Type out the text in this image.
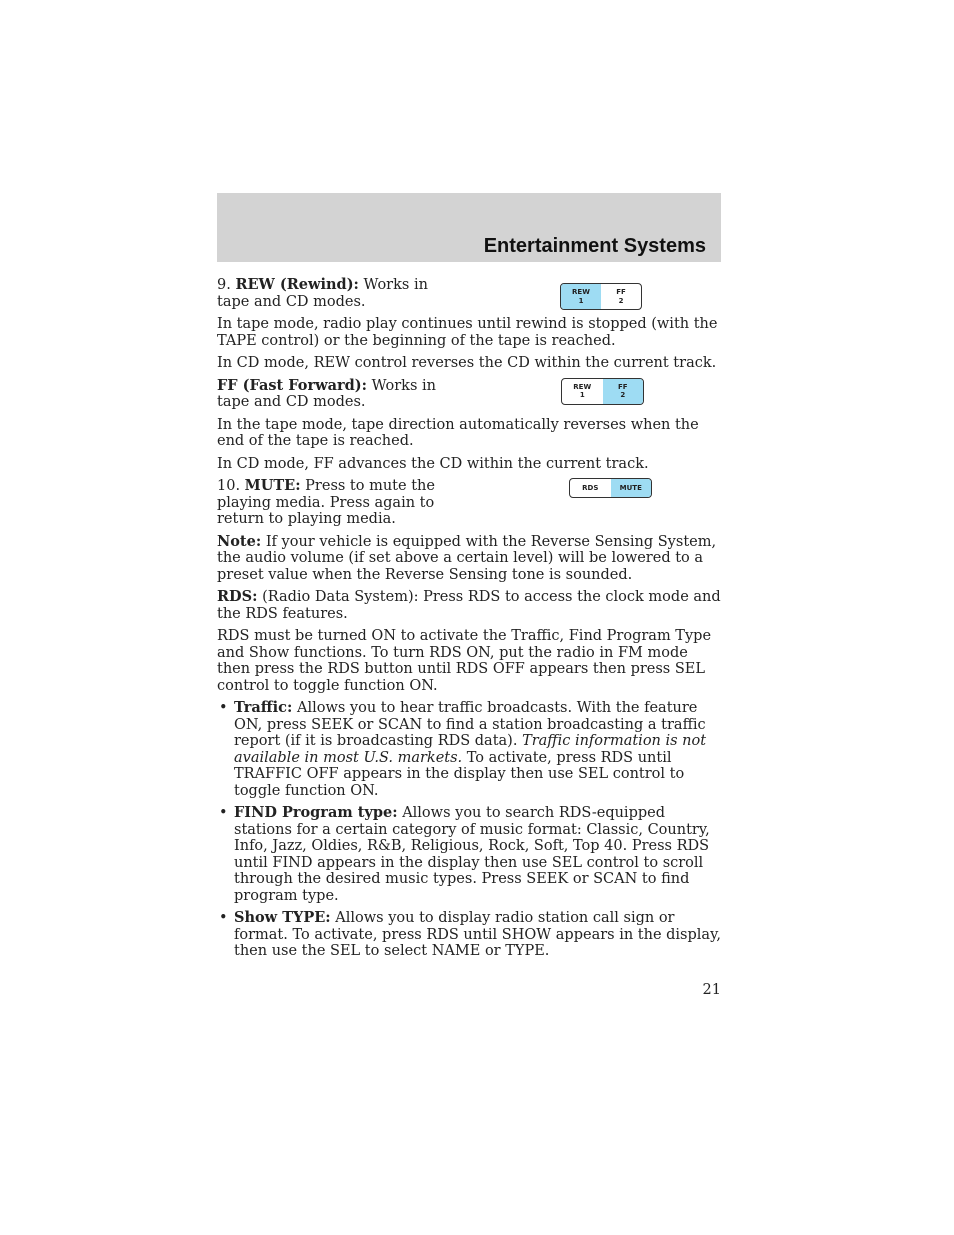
Entertainment Systems

9. REW (Rewind): Works in tape and CD modes.

REW
1
FF
2

In tape mode, radio play continues until rewind is stopped (with the TAPE control) or the beginning of the tape is reached.

In CD mode, REW control reverses the CD within the current track.

FF (Fast Forward): Works in tape and CD modes.

REW
1
FF
2

In the tape mode, tape direction automatically reverses when the end of the tape is reached.

In CD mode, FF advances the CD within the current track.

10. MUTE: Press to mute the playing media. Press again to return to playing media.

RDS	MUTE

Note: If your vehicle is equipped with the Reverse Sensing System, the audio volume (if set above a certain level) will be lowered to a preset value when the Reverse Sensing tone is sounded.

RDS: (Radio Data System): Press RDS to access the clock mode and the RDS features.

RDS must be turned ON to activate the Traffic, Find Program Type and Show functions. To turn RDS ON, put the radio in FM mode then press the RDS button until RDS OFF appears then press SEL control to toggle function ON.

• Traffic: Allows you to hear traffic broadcasts. With the feature ON, press SEEK or SCAN to find a station broadcasting a traffic report (if it is broadcasting RDS data). Traffic information is not available in most U.S. markets. To activate, press RDS until TRAFFIC OFF appears in the display then use SEL control to toggle function ON.
• FIND Program type: Allows you to search RDS-equipped stations for a certain category of music format: Classic, Country, Info, Jazz, Oldies, R&B, Religious, Rock, Soft, Top 40. Press RDS until FIND appears in the display then use SEL control to scroll through the desired music types. Press SEEK or SCAN to find program type.
• Show TYPE: Allows you to display radio station call sign or format. To activate, press RDS until SHOW appears in the display, then use the SEL to select NAME or TYPE.
21
